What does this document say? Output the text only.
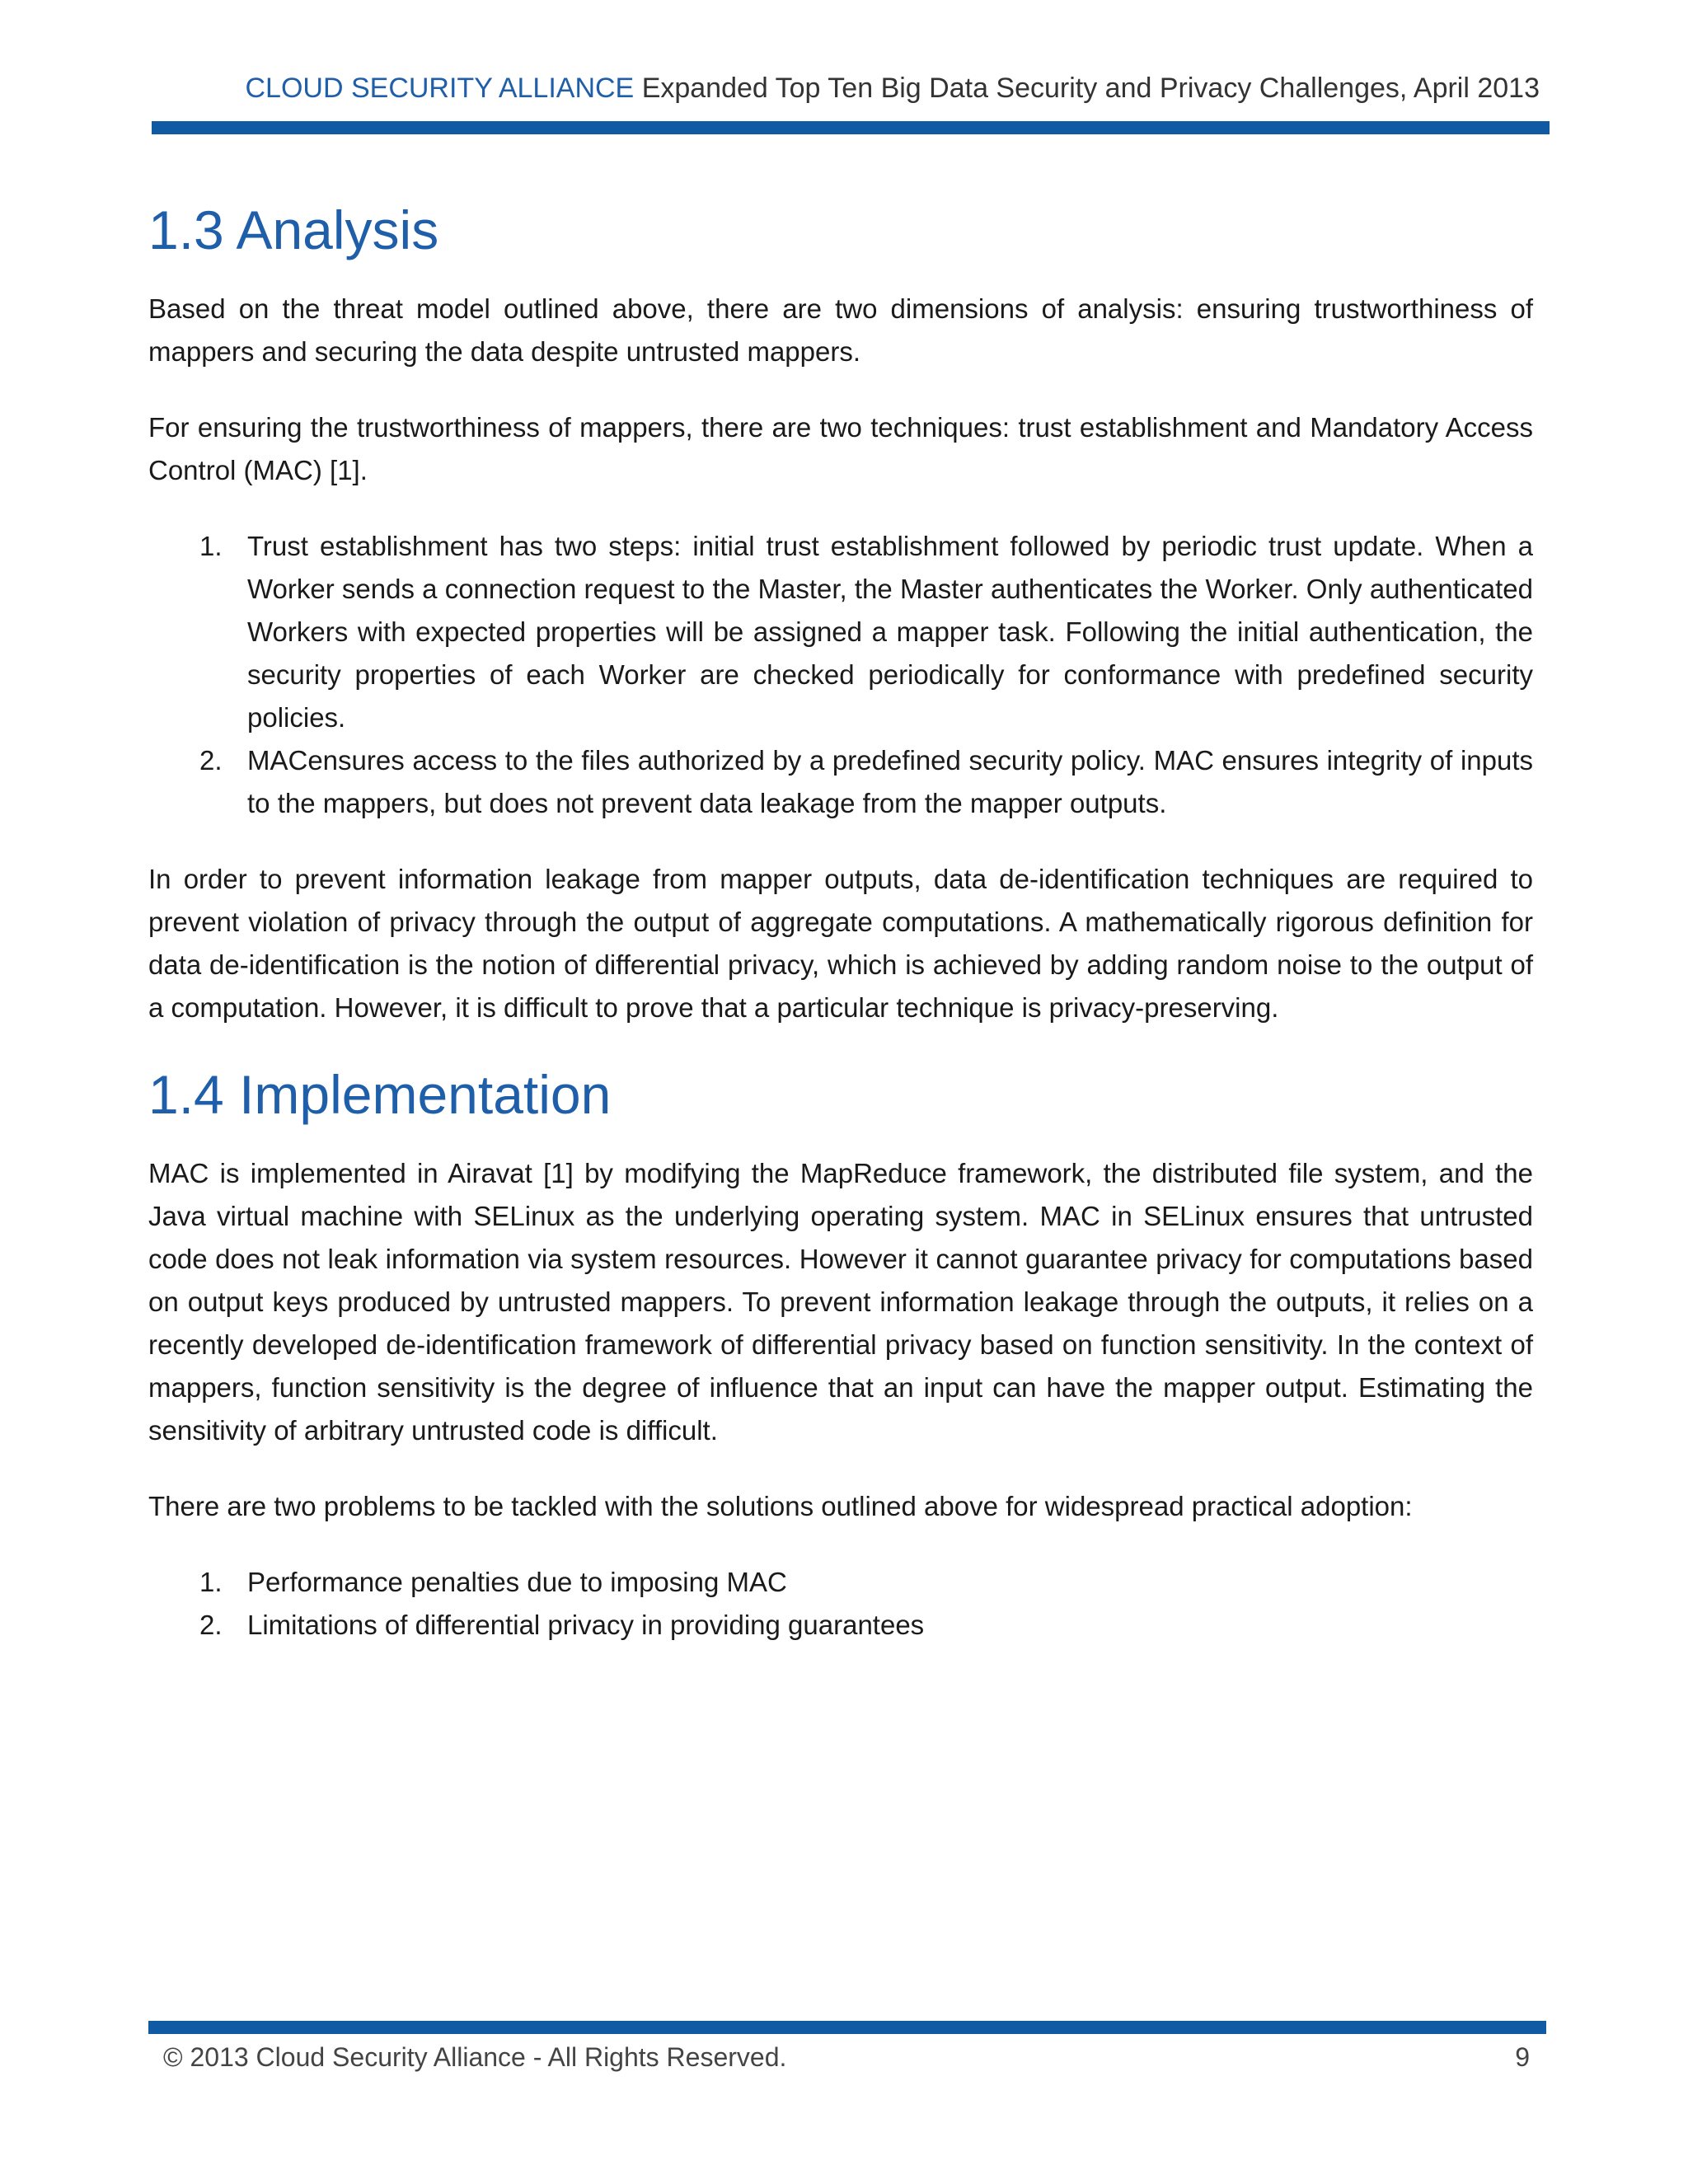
CLOUD SECURITY ALLIANCE Expanded Top Ten Big Data Security and Privacy Challenges, April 2013
1.3 Analysis

Based on the threat model outlined above, there are two dimensions of analysis: ensuring trustworthiness of mappers and securing the data despite untrusted mappers.

For ensuring the trustworthiness of mappers, there are two techniques: trust establishment and Mandatory Access Control (MAC) [1].

1. Trust establishment has two steps: initial trust establishment followed by periodic trust update. When a Worker sends a connection request to the Master, the Master authenticates the Worker. Only authenticated Workers with expected properties will be assigned a mapper task. Following the initial authentication, the security properties of each Worker are checked periodically for conformance with predefined security policies.
2. MACensures access to the files authorized by a predefined security policy. MAC ensures integrity of inputs to the mappers, but does not prevent data leakage from the mapper outputs.

In order to prevent information leakage from mapper outputs, data de-identification techniques are required to prevent violation of privacy through the output of aggregate computations. A mathematically rigorous definition for data de-identification is the notion of differential privacy, which is achieved by adding random noise to the output of a computation. However, it is difficult to prove that a particular technique is privacy-preserving.

1.4 Implementation

MAC is implemented in Airavat [1] by modifying the MapReduce framework, the distributed file system, and the Java virtual machine with SELinux as the underlying operating system. MAC in SELinux ensures that untrusted code does not leak information via system resources. However it cannot guarantee privacy for computations based on output keys produced by untrusted mappers. To prevent information leakage through the outputs, it relies on a recently developed de-identification framework of differential privacy based on function sensitivity. In the context of mappers, function sensitivity is the degree of influence that an input can have the mapper output. Estimating the sensitivity of arbitrary untrusted code is difficult.

There are two problems to be tackled with the solutions outlined above for widespread practical adoption:

1. Performance penalties due to imposing MAC
2. Limitations of differential privacy in providing guarantees
© 2013 Cloud Security Alliance - All Rights Reserved.	9
